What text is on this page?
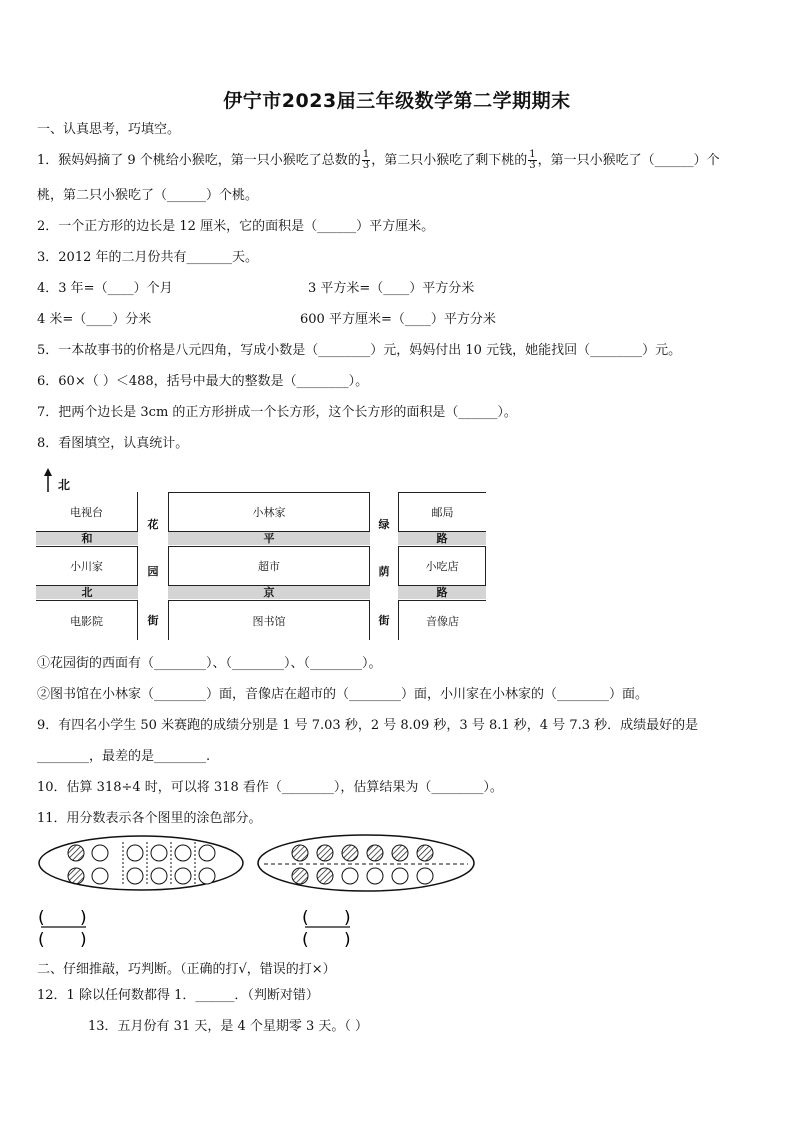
伊宁市2023届三年级数学第二学期期末
一、认真思考，巧填空。
1．猴妈妈摘了 9 个桃给小猴吃，第一只小猴吃了总数的 $\frac{1}{3}$ ，第二只小猴吃了剩下桃的 $\frac{1}{3}$ ，第一只小猴吃了（______）个
桃，第二只小猴吃了（______）个桃。
2．一个正方形的边长是 12 厘米，它的面积是（______）平方厘米。
3．2012 年的二月份共有_______天。
4．3 年=（____）个月	3 平方米=（____）平方分米
4 米=（____）分米	600 平方厘米=（____）平方分米
5．一本故事书的价格是八元四角，写成小数是（________）元，妈妈付出 10 元钱，她能找回（________）元。
6．60×（ ）＜488，括号中最大的整数是（________）。
7．把两个边长是 3cm 的正方形拼成一个长方形，这个长方形的面积是（______）。
8．看图填空，认真统计。
北
电视台	小林家	邮局
和	平	路
小川家	超市	小吃店
北	京	路
电影院	图书馆	音像店
花
园
街
绿
荫
街
①花园街的西面有（________）、（________）、（________）。
②图书馆在小林家（________）面，音像店在超市的（________）面，小川家在小林家的（________）面。
9．有四名小学生 50 米赛跑的成绩分别是 1 号 7.03 秒，2 号 8.09 秒，3 号 8.1 秒，4 号 7.3 秒．成绩最好的是
________，最差的是________.
10．估算 318÷4 时，可以将 318 看作（________），估算结果为（________）。
11．用分数表示各个图里的涂色部分。
( )
( )
( )
( )
二、仔细推敲，巧判断。（正确的打√，错误的打×）
12．1 除以任何数都得 1．______．（判断对错）
13．五月份有 31 天，是 4 个星期零 3 天。（ ）
